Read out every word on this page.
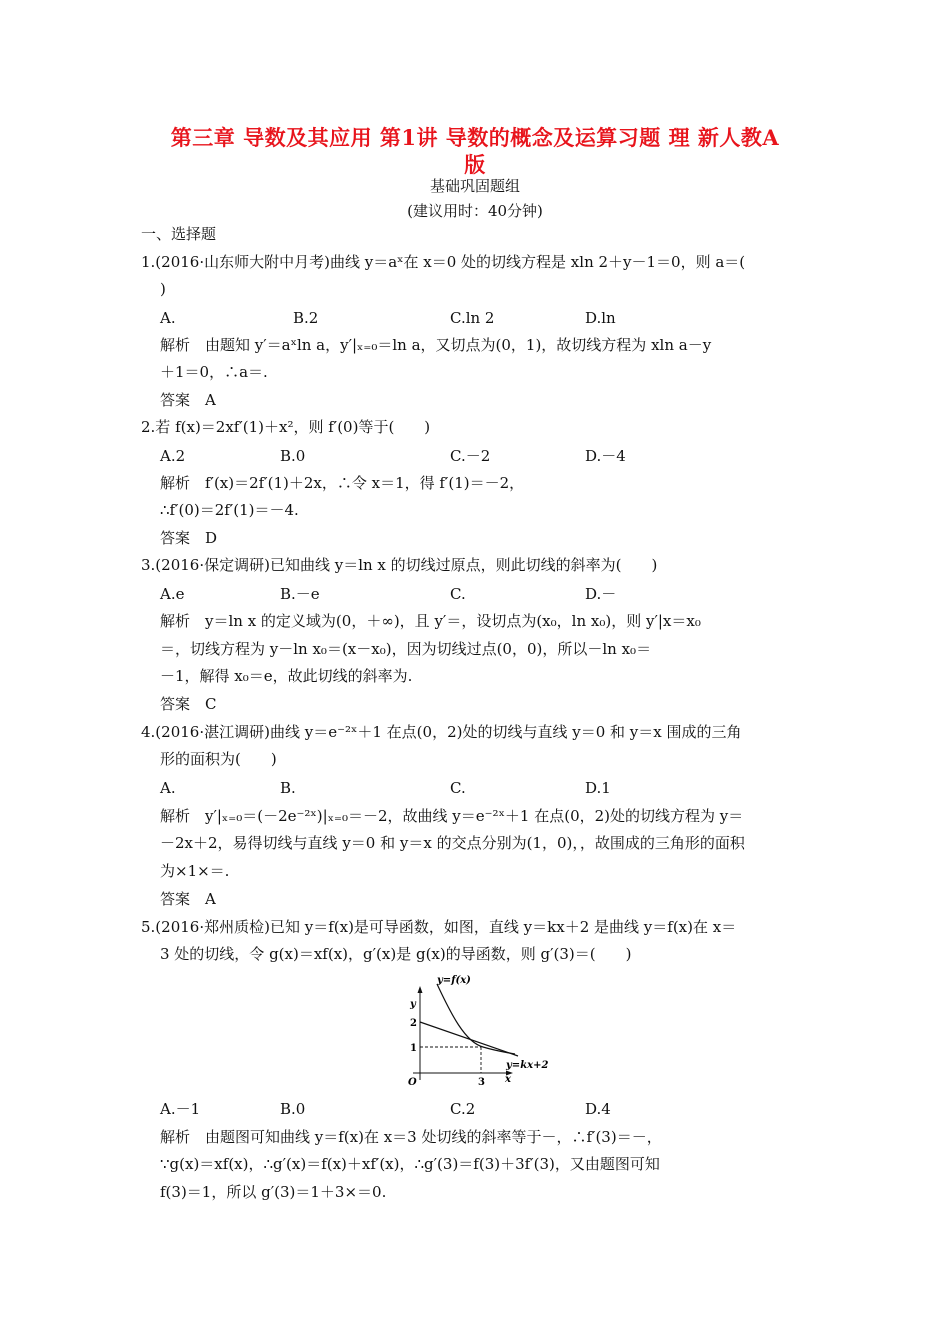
第三章 导数及其应用 第1讲 导数的概念及运算习题 理 新人教A
版
基础巩固题组
(建议用时：40分钟)
一、选择题
1.(2016·山东师大附中月考)曲线 y＝aˣ在 x＝0 处的切线方程是 xln 2＋y－1＝0，则 a＝(
)
A.	B.2	C.ln 2	D.ln
解析　由题知 y′＝aˣln a，y′|ₓ₌₀＝ln a，又切点为(0，1)，故切线方程为 xln a－y
＋1＝0，∴a＝.
答案　A
2.若 f(x)＝2xf′(1)＋x²，则 f′(0)等于(　　)
A.2	B.0	C.－2	D.－4
解析　f′(x)＝2f′(1)＋2x，∴令 x＝1，得 f′(1)＝－2，
∴f′(0)＝2f′(1)＝－4.
答案　D
3.(2016·保定调研)已知曲线 y＝ln x 的切线过原点，则此切线的斜率为(　　)
A.e	B.－e	C.	D.－
解析　y＝ln x 的定义域为(0，＋∞)，且 y′＝，设切点为(x₀，ln x₀)，则 y′|x＝x₀
＝，切线方程为 y－ln x₀＝(x－x₀)，因为切线过点(0，0)，所以－ln x₀＝
－1，解得 x₀＝e，故此切线的斜率为.
答案　C
4.(2016·湛江调研)曲线 y＝e⁻²ˣ＋1 在点(0，2)处的切线与直线 y＝0 和 y＝x 围成的三角
形的面积为(　　)
A.	B.	C.	D.1
解析　y′|ₓ₌₀＝(－2e⁻²ˣ)|ₓ₌₀＝－2，故曲线 y＝e⁻²ˣ＋1 在点(0，2)处的切线方程为 y＝
－2x＋2，易得切线与直线 y＝0 和 y＝x 的交点分别为(1，0)，，故围成的三角形的面积
为×1×＝.
答案　A
5.(2016·郑州质检)已知 y＝f(x)是可导函数，如图，直线 y＝kx＋2 是曲线 y＝f(x)在 x＝
3 处的切线，令 g(x)＝xf(x)，g′(x)是 g(x)的导函数，则 g′(3)＝(　　)
y=f(x)
y=kx+2
y
x
O
2
1
3
A.－1	B.0	C.2	D.4
解析　由题图可知曲线 y＝f(x)在 x＝3 处切线的斜率等于－，∴f′(3)＝－，
∵g(x)＝xf(x)，∴g′(x)＝f(x)＋xf′(x)，∴g′(3)＝f(3)＋3f′(3)，又由题图可知
f(3)＝1，所以 g′(3)＝1＋3×＝0.
